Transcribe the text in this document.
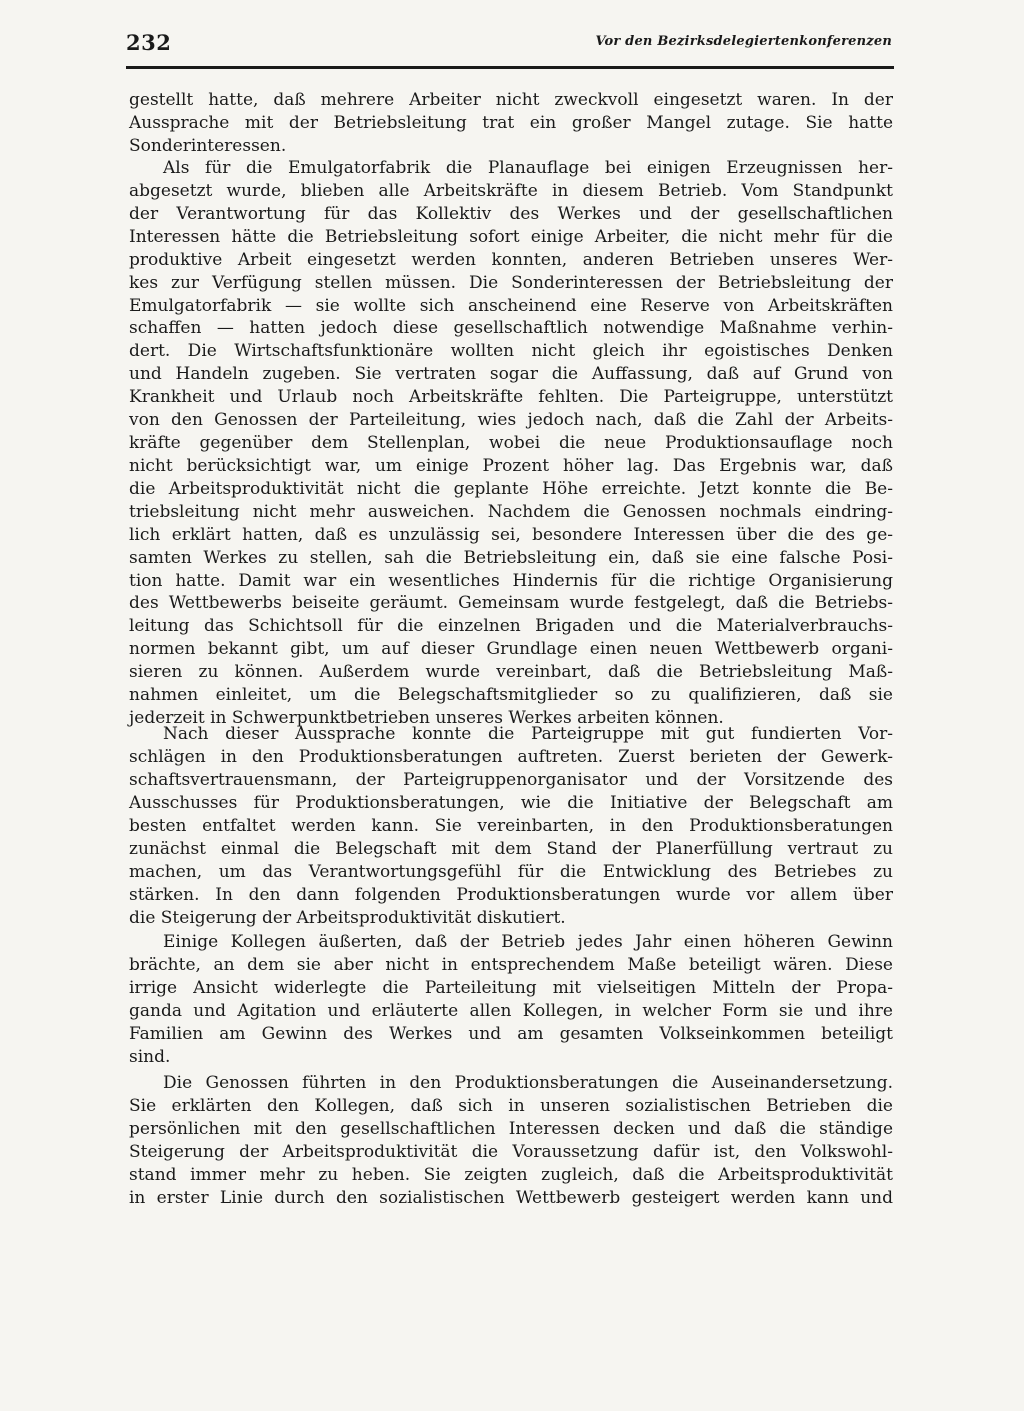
232	Vor den Bezirksdelegiertenkonferenzen
gestellt hatte, daß mehrere Arbeiter nicht zweckvoll eingesetzt waren. In der
Aussprache mit der Betriebsleitung trat ein großer Mangel zutage. Sie hatte
Sonderinteressen.
Als für die Emulgatorfabrik die Planauflage bei einigen Erzeugnissen her-
abgesetzt wurde, blieben alle Arbeitskräfte in diesem Betrieb. Vom Standpunkt
der Verantwortung für das Kollektiv des Werkes und der gesellschaftlichen
Interessen hätte die Betriebsleitung sofort einige Arbeiter, die nicht mehr für die
produktive Arbeit eingesetzt werden konnten, anderen Betrieben unseres Wer-
kes zur Verfügung stellen müssen. Die Sonderinteressen der Betriebsleitung der
Emulgatorfabrik — sie wollte sich anscheinend eine Reserve von Arbeitskräften
schaffen — hatten jedoch diese gesellschaftlich notwendige Maßnahme verhin-
dert. Die Wirtschaftsfunktionäre wollten nicht gleich ihr egoistisches Denken
und Handeln zugeben. Sie vertraten sogar die Auffassung, daß auf Grund von
Krankheit und Urlaub noch Arbeitskräfte fehlten. Die Parteigruppe, unterstützt
von den Genossen der Parteileitung, wies jedoch nach, daß die Zahl der Arbeits-
kräfte gegenüber dem Stellenplan, wobei die neue Produktionsauflage noch
nicht berücksichtigt war, um einige Prozent höher lag. Das Ergebnis war, daß
die Arbeitsproduktivität nicht die geplante Höhe erreichte. Jetzt konnte die Be-
triebsleitung nicht mehr ausweichen. Nachdem die Genossen nochmals eindring-
lich erklärt hatten, daß es unzulässig sei, besondere Interessen über die des ge-
samten Werkes zu stellen, sah die Betriebsleitung ein, daß sie eine falsche Posi-
tion hatte. Damit war ein wesentliches Hindernis für die richtige Organisierung
des Wettbewerbs beiseite geräumt. Gemeinsam wurde festgelegt, daß die Betriebs-
leitung das Schichtsoll für die einzelnen Brigaden und die Materialverbrauchs-
normen bekannt gibt, um auf dieser Grundlage einen neuen Wettbewerb organi-
sieren zu können. Außerdem wurde vereinbart, daß die Betriebsleitung Maß-
nahmen einleitet, um die Belegschaftsmitglieder so zu qualifizieren, daß sie
jederzeit in Schwerpunktbetrieben unseres Werkes arbeiten können.
Nach dieser Aussprache konnte die Parteigruppe mit gut fundierten Vor-
schlägen in den Produktionsberatungen auftreten. Zuerst berieten der Gewerk-
schaftsvertrauensmann, der Parteigruppenorganisator und der Vorsitzende des
Ausschusses für Produktionsberatungen, wie die Initiative der Belegschaft am
besten entfaltet werden kann. Sie vereinbarten, in den Produktionsberatungen
zunächst einmal die Belegschaft mit dem Stand der Planerfüllung vertraut zu
machen, um das Verantwortungsgefühl für die Entwicklung des Betriebes zu
stärken. In den dann folgenden Produktionsberatungen wurde vor allem über
die Steigerung der Arbeitsproduktivität diskutiert.
Einige Kollegen äußerten, daß der Betrieb jedes Jahr einen höheren Gewinn
brächte, an dem sie aber nicht in entsprechendem Maße beteiligt wären. Diese
irrige Ansicht widerlegte die Parteileitung mit vielseitigen Mitteln der Propa-
ganda und Agitation und erläuterte allen Kollegen, in welcher Form sie und ihre
Familien am Gewinn des Werkes und am gesamten Volkseinkommen beteiligt
sind.
Die Genossen führten in den Produktionsberatungen die Auseinandersetzung.
Sie erklärten den Kollegen, daß sich in unseren sozialistischen Betrieben die
persönlichen mit den gesellschaftlichen Interessen decken und daß die ständige
Steigerung der Arbeitsproduktivität die Voraussetzung dafür ist, den Volkswohl-
stand immer mehr zu heben. Sie zeigten zugleich, daß die Arbeitsproduktivität
in erster Linie durch den sozialistischen Wettbewerb gesteigert werden kann und
